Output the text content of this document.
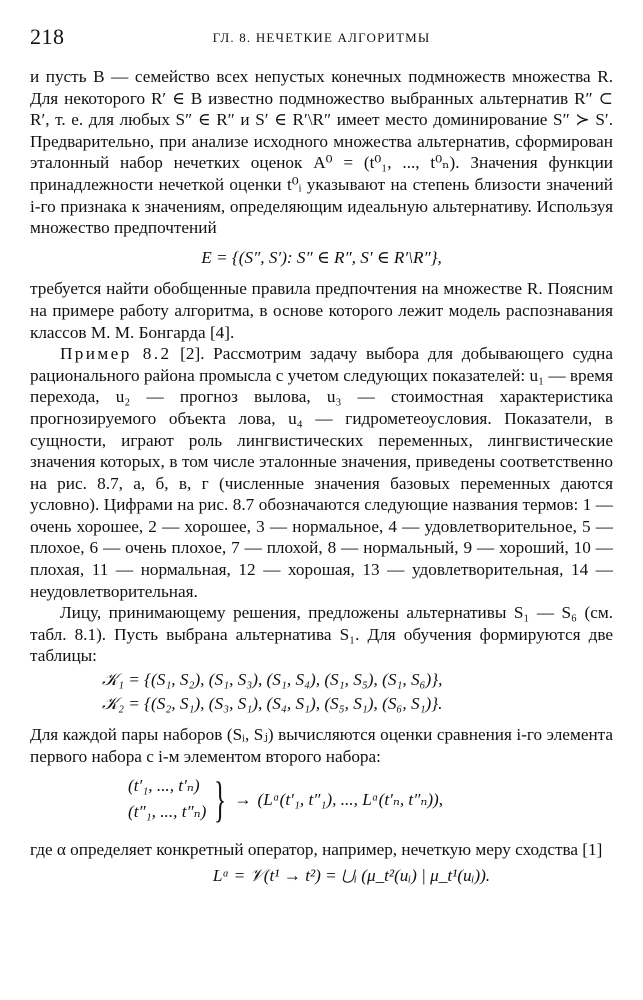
218	ГЛ. 8. НЕЧЕТКИЕ АЛГОРИТМЫ

и пусть B — семейство всех непустых конечных подмножеств множества R. Для некоторого R′ ∈ B известно подмножество выбранных альтернатив R″ ⊂ R′, т. е. для любых S″ ∈ R″ и S′ ∈ R′\R″ имеет место доминирование S″ ≻ S′. Предварительно, при анализе исходного множества альтернатив, сформирован эталонный набор нечетких оценок A⁰ = (t⁰₁, ..., t⁰ₙ). Значения функции принадлежности нечеткой оценки t⁰ᵢ указывают на степень близости значений i-го признака к значениям, определяющим идеальную альтернативу. Используя множество предпочтений

E = {(S″, S′): S″ ∈ R″, S′ ∈ R′\R″},

требуется найти обобщенные правила предпочтения на множестве R. Поясним на примере работу алгоритма, в основе которого лежит модель распознавания классов М. М. Бонгарда [4].

Пример 8.2 [2]. Рассмотрим задачу выбора для добывающего судна рационального района промысла с учетом следующих показателей: u₁ — время перехода, u₂ — прогноз вылова, u₃ — стоимостная характеристика прогнозируемого объекта лова, u₄ — гидрометеоусловия. Показатели, в сущности, играют роль лингвистических переменных, лингвистические значения которых, в том числе эталонные значения, приведены соответственно на рис. 8.7, а, б, в, г (численные значения базовых переменных даются условно). Цифрами на рис. 8.7 обозначаются следующие названия термов: 1 — очень хорошее, 2 — хорошее, 3 — нормальное, 4 — удовлетворительное, 5 — плохое, 6 — очень плохое, 7 — плохой, 8 — нормальный, 9 — хороший, 10 — плохая, 11 — нормальная, 12 — хорошая, 13 — удовлетворительная, 14 — неудовлетворительная.

Лицу, принимающему решения, предложены альтернативы S₁ — S₆ (см. табл. 8.1). Пусть выбрана альтернатива S₁. Для обучения формируются две таблицы:

𝒦₁ = {(S₁, S₂), (S₁, S₃), (S₁, S₄), (S₁, S₅), (S₁, S₆)},
𝒦₂ = {(S₂, S₁), (S₃, S₁), (S₄, S₁), (S₅, S₁), (S₆, S₁)}.

Для каждой пары наборов (Sᵢ, Sⱼ) вычисляются оценки сравнения i-го элемента первого набора с i-м элементом второго набора:

(t′₁, ..., t′ₙ)
(t″₁, ..., t″ₙ) } → (Lᵅ(t′₁, t″₁), ..., Lᵅ(t′ₙ, t″ₙ)),

где α определяет конкретный оператор, например, нечеткую меру сходства [1]

Lᵅ = 𝒱(t¹ → t²) = ⋃ᵢ (μ_t²(uᵢ) | μ_t¹(uᵢ)).
